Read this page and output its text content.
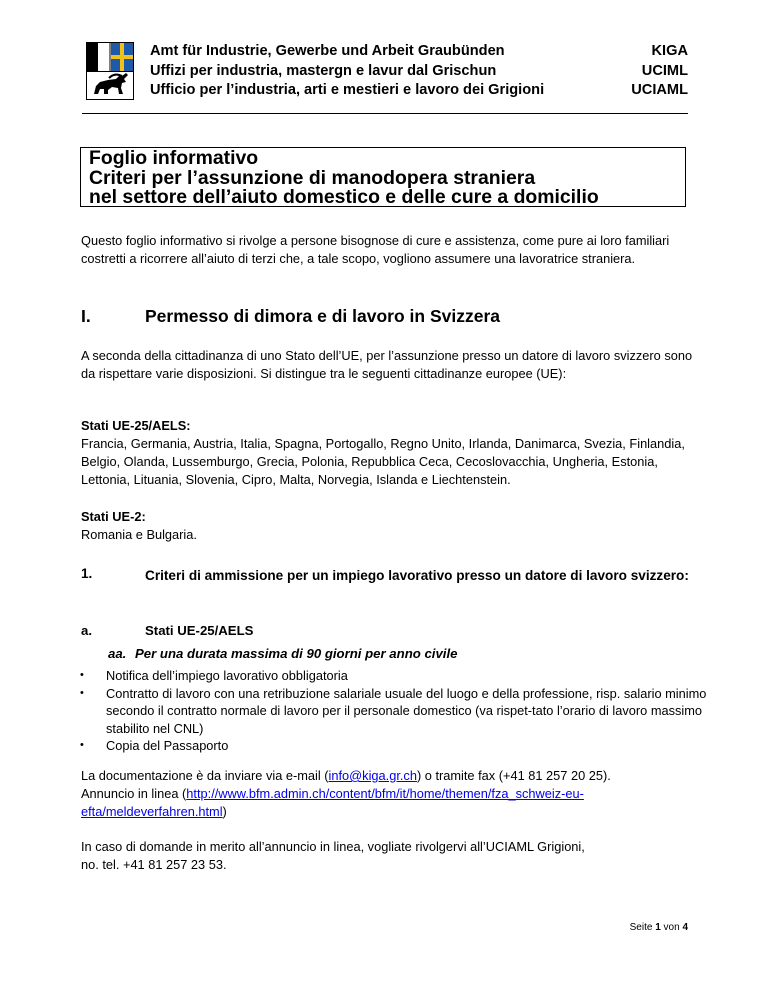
Amt für Industrie, Gewerbe und Arbeit Graubünden
Uffizi per industria, mastergn e lavur dal Grischun
Ufficio per l’industria, arti e mestieri e lavoro dei Grigioni
KIGA
UCIML
UCIAML
Foglio informativo
Criteri per l’assunzione di manodopera straniera
nel settore dell’aiuto domestico e delle cure a domicilio
Questo foglio informativo si rivolge a persone bisognose di cure e assistenza, come pure ai loro familiari costretti a ricorrere all’aiuto di terzi che, a tale scopo, vogliono assumere una lavoratrice straniera.
I.	Permesso di dimora e di lavoro in Svizzera
A seconda della cittadinanza di uno Stato dell’UE, per l’assunzione presso un datore di lavoro svizzero sono da rispettare varie disposizioni. Si distingue tra le seguenti cittadinanze europee (UE):
Stati UE-25/AELS:
Francia, Germania, Austria, Italia, Spagna, Portogallo, Regno Unito, Irlanda, Danimarca, Svezia, Finlandia, Belgio, Olanda, Lussemburgo, Grecia, Polonia, Repubblica Ceca, Cecoslovacchia, Ungheria, Estonia, Lettonia, Lituania, Slovenia, Cipro, Malta, Norvegia, Islanda e Liechtenstein.
Stati UE-2:
Romania e Bulgaria.
1.	Criteri di ammissione per un impiego lavorativo presso un datore di lavoro svizzero:
a.	Stati UE-25/AELS
aa. Per una durata massima di 90 giorni per anno civile
• Notifica dell’impiego lavorativo obbligatoria
• Contratto di lavoro con una retribuzione salariale usuale del luogo e della professione, risp. salario minimo secondo il contratto normale di lavoro per il personale domestico (va rispet-tato l’orario di lavoro massimo stabilito nel CNL)
• Copia del Passaporto
La documentazione è da inviare via e-mail (info@kiga.gr.ch) o tramite fax (+41 81 257 20 25).
Annuncio in linea (http://www.bfm.admin.ch/content/bfm/it/home/themen/fza_schweiz-eu-
efta/meldeverfahren.html)
In caso di domande in merito all’annuncio in linea, vogliate rivolgervi all’UCIAML Grigioni,
no. tel. +41 81 257 23 53.
Seite 1 von 4
